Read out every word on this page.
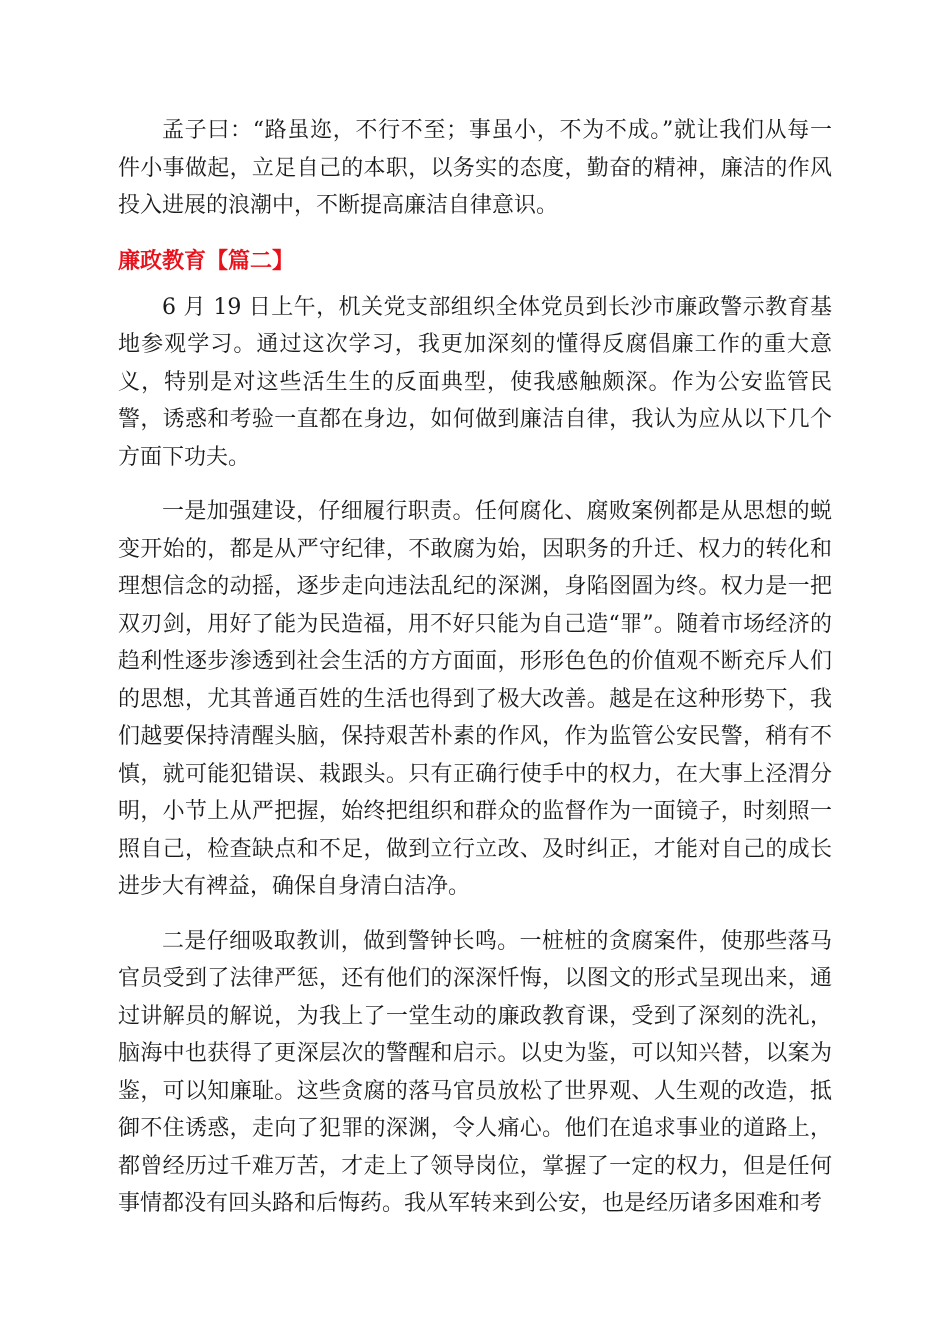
孟子曰：“路虽迩，不行不至；事虽小，不为不成。”就让我们从每一件小事做起，立足自己的本职，以务实的态度，勤奋的精神，廉洁的作风投入进展的浪潮中，不断提高廉洁自律意识。

廉政教育【篇二】

6 月 19 日上午，机关党支部组织全体党员到长沙市廉政警示教育基地参观学习。通过这次学习，我更加深刻的懂得反腐倡廉工作的重大意义，特别是对这些活生生的反面典型，使我感触颇深。作为公安监管民警，诱惑和考验一直都在身边，如何做到廉洁自律，我认为应从以下几个方面下功夫。

一是加强建设，仔细履行职责。任何腐化、腐败案例都是从思想的蜕变开始的，都是从严守纪律，不敢腐为始，因职务的升迁、权力的转化和理想信念的动摇，逐步走向违法乱纪的深渊，身陷囹圄为终。权力是一把双刃剑，用好了能为民造福，用不好只能为自己造“罪”。随着市场经济的趋利性逐步渗透到社会生活的方方面面，形形色色的价值观不断充斥人们的思想，尤其普通百姓的生活也得到了极大改善。越是在这种形势下，我们越要保持清醒头脑，保持艰苦朴素的作风，作为监管公安民警，稍有不慎，就可能犯错误、栽跟头。只有正确行使手中的权力，在大事上泾渭分明，小节上从严把握，始终把组织和群众的监督作为一面镜子，时刻照一照自己，检查缺点和不足，做到立行立改、及时纠正，才能对自己的成长进步大有裨益，确保自身清白洁净。

二是仔细吸取教训，做到警钟长鸣。一桩桩的贪腐案件，使那些落马官员受到了法律严惩，还有他们的深深忏悔，以图文的形式呈现出来，通过讲解员的解说，为我上了一堂生动的廉政教育课，受到了深刻的洗礼，脑海中也获得了更深层次的警醒和启示。以史为鉴，可以知兴替，以案为鉴，可以知廉耻。这些贪腐的落马官员放松了世界观、人生观的改造，抵御不住诱惑，走向了犯罪的深渊，令人痛心。他们在追求事业的道路上，都曾经历过千难万苦，才走上了领导岗位，掌握了一定的权力，但是任何事情都没有回头路和后悔药。我从军转来到公安，也是经历诸多困难和考
